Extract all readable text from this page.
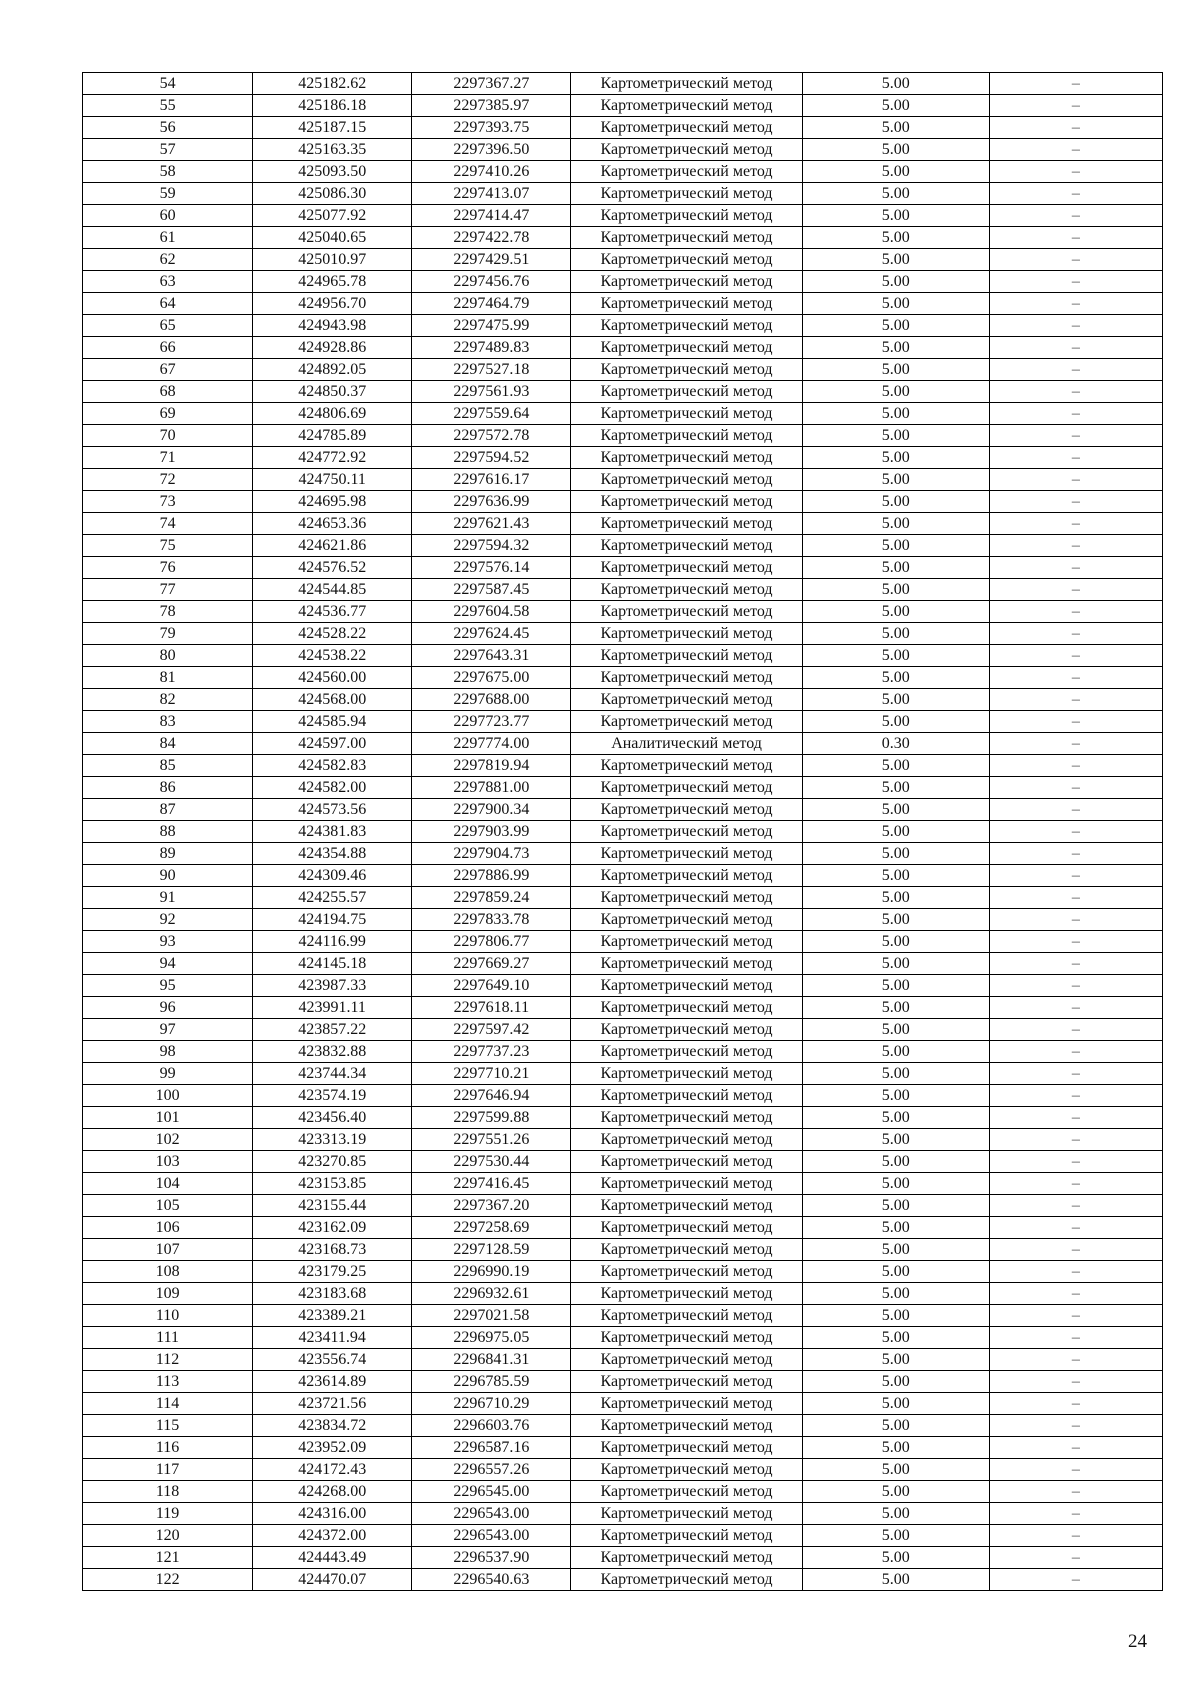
54	425182.62	2297367.27	Картометрический метод	5.00	–
55	425186.18	2297385.97	Картометрический метод	5.00	–
56	425187.15	2297393.75	Картометрический метод	5.00	–
57	425163.35	2297396.50	Картометрический метод	5.00	–
58	425093.50	2297410.26	Картометрический метод	5.00	–
59	425086.30	2297413.07	Картометрический метод	5.00	–
60	425077.92	2297414.47	Картометрический метод	5.00	–
61	425040.65	2297422.78	Картометрический метод	5.00	–
62	425010.97	2297429.51	Картометрический метод	5.00	–
63	424965.78	2297456.76	Картометрический метод	5.00	–
64	424956.70	2297464.79	Картометрический метод	5.00	–
65	424943.98	2297475.99	Картометрический метод	5.00	–
66	424928.86	2297489.83	Картометрический метод	5.00	–
67	424892.05	2297527.18	Картометрический метод	5.00	–
68	424850.37	2297561.93	Картометрический метод	5.00	–
69	424806.69	2297559.64	Картометрический метод	5.00	–
70	424785.89	2297572.78	Картометрический метод	5.00	–
71	424772.92	2297594.52	Картометрический метод	5.00	–
72	424750.11	2297616.17	Картометрический метод	5.00	–
73	424695.98	2297636.99	Картометрический метод	5.00	–
74	424653.36	2297621.43	Картометрический метод	5.00	–
75	424621.86	2297594.32	Картометрический метод	5.00	–
76	424576.52	2297576.14	Картометрический метод	5.00	–
77	424544.85	2297587.45	Картометрический метод	5.00	–
78	424536.77	2297604.58	Картометрический метод	5.00	–
79	424528.22	2297624.45	Картометрический метод	5.00	–
80	424538.22	2297643.31	Картометрический метод	5.00	–
81	424560.00	2297675.00	Картометрический метод	5.00	–
82	424568.00	2297688.00	Картометрический метод	5.00	–
83	424585.94	2297723.77	Картометрический метод	5.00	–
84	424597.00	2297774.00	Аналитический метод	0.30	–
85	424582.83	2297819.94	Картометрический метод	5.00	–
86	424582.00	2297881.00	Картометрический метод	5.00	–
87	424573.56	2297900.34	Картометрический метод	5.00	–
88	424381.83	2297903.99	Картометрический метод	5.00	–
89	424354.88	2297904.73	Картометрический метод	5.00	–
90	424309.46	2297886.99	Картометрический метод	5.00	–
91	424255.57	2297859.24	Картометрический метод	5.00	–
92	424194.75	2297833.78	Картометрический метод	5.00	–
93	424116.99	2297806.77	Картометрический метод	5.00	–
94	424145.18	2297669.27	Картометрический метод	5.00	–
95	423987.33	2297649.10	Картометрический метод	5.00	–
96	423991.11	2297618.11	Картометрический метод	5.00	–
97	423857.22	2297597.42	Картометрический метод	5.00	–
98	423832.88	2297737.23	Картометрический метод	5.00	–
99	423744.34	2297710.21	Картометрический метод	5.00	–
100	423574.19	2297646.94	Картометрический метод	5.00	–
101	423456.40	2297599.88	Картометрический метод	5.00	–
102	423313.19	2297551.26	Картометрический метод	5.00	–
103	423270.85	2297530.44	Картометрический метод	5.00	–
104	423153.85	2297416.45	Картометрический метод	5.00	–
105	423155.44	2297367.20	Картометрический метод	5.00	–
106	423162.09	2297258.69	Картометрический метод	5.00	–
107	423168.73	2297128.59	Картометрический метод	5.00	–
108	423179.25	2296990.19	Картометрический метод	5.00	–
109	423183.68	2296932.61	Картометрический метод	5.00	–
110	423389.21	2297021.58	Картометрический метод	5.00	–
111	423411.94	2296975.05	Картометрический метод	5.00	–
112	423556.74	2296841.31	Картометрический метод	5.00	–
113	423614.89	2296785.59	Картометрический метод	5.00	–
114	423721.56	2296710.29	Картометрический метод	5.00	–
115	423834.72	2296603.76	Картометрический метод	5.00	–
116	423952.09	2296587.16	Картометрический метод	5.00	–
117	424172.43	2296557.26	Картометрический метод	5.00	–
118	424268.00	2296545.00	Картометрический метод	5.00	–
119	424316.00	2296543.00	Картометрический метод	5.00	–
120	424372.00	2296543.00	Картометрический метод	5.00	–
121	424443.49	2296537.90	Картометрический метод	5.00	–
122	424470.07	2296540.63	Картометрический метод	5.00	–
24
